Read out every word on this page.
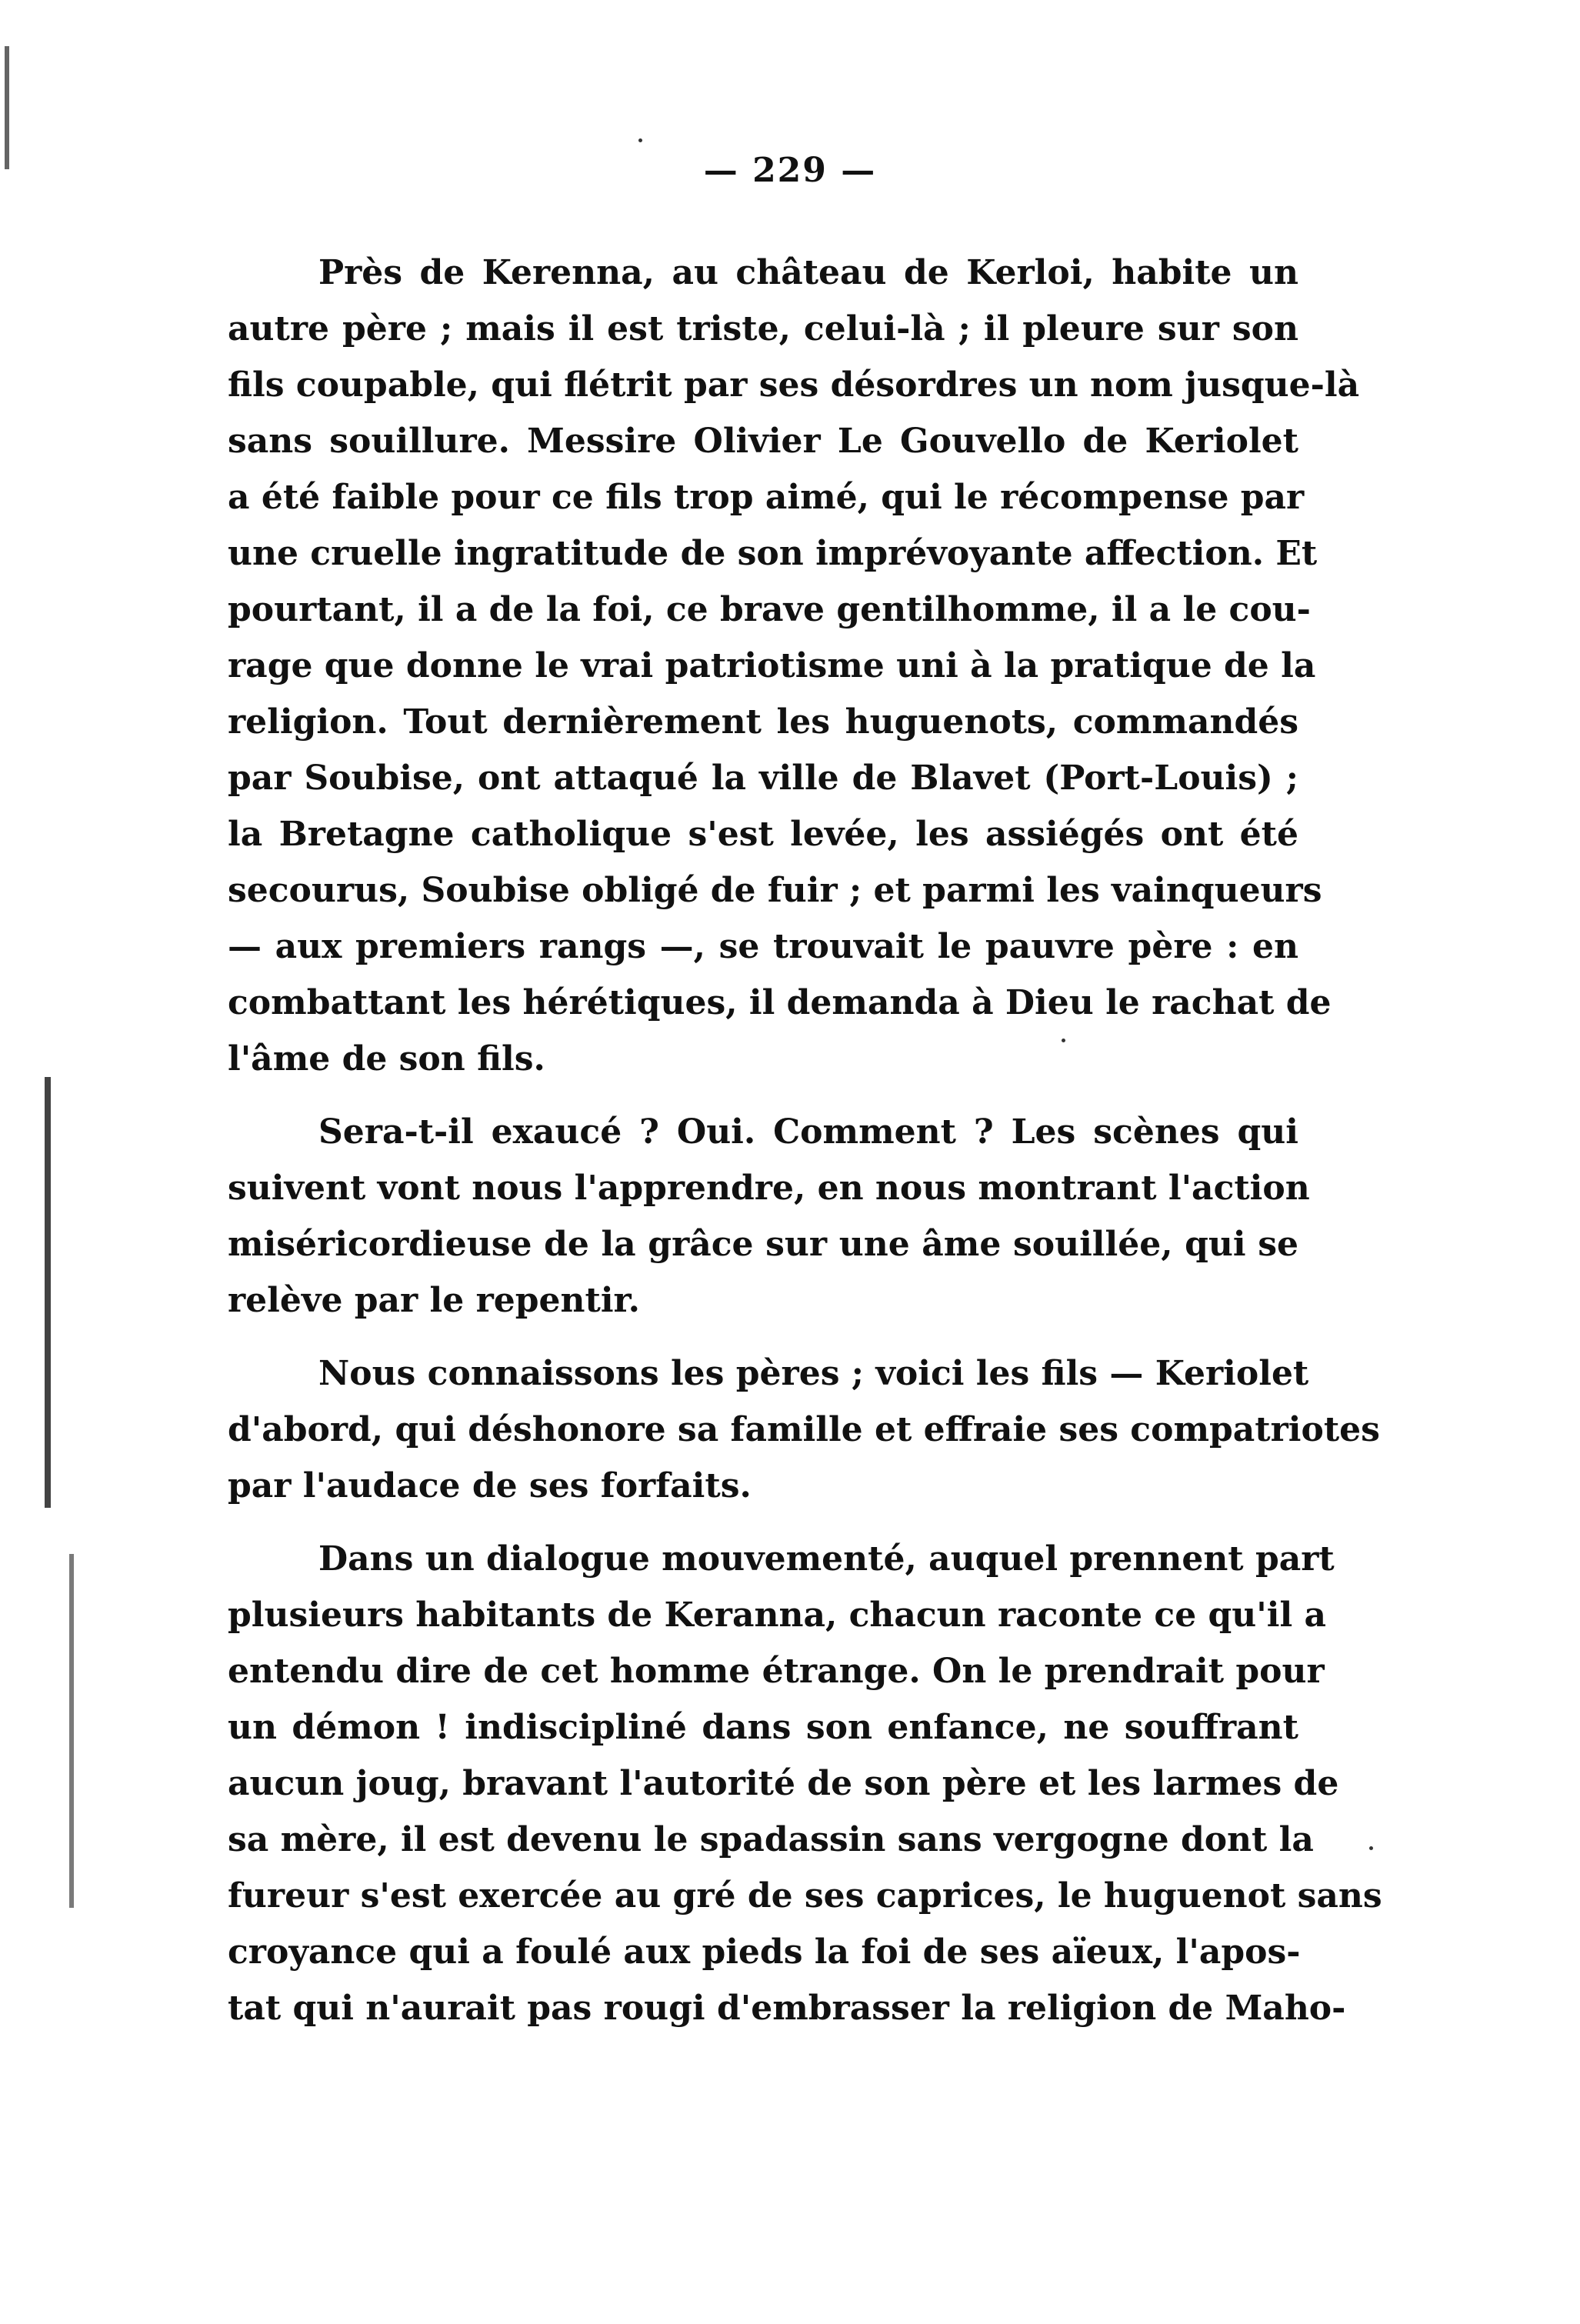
— 229 —
Près de Kerenna, au château de Kerloi, habite un
autre père ; mais il est triste, celui-là ; il pleure sur son
fils coupable, qui flétrit par ses désordres un nom jusque-là
sans souillure. Messire Olivier Le Gouvello de Keriolet
a été faible pour ce fils trop aimé, qui le récompense par
une cruelle ingratitude de son imprévoyante affection. Et
pourtant, il a de la foi, ce brave gentilhomme, il a le cou-
rage que donne le vrai patriotisme uni à la pratique de la
religion. Tout dernièrement les huguenots, commandés
par Soubise, ont attaqué la ville de Blavet (Port-Louis) ;
la Bretagne catholique s'est levée, les assiégés ont été
secourus, Soubise obligé de fuir ; et parmi les vainqueurs
— aux premiers rangs —, se trouvait le pauvre père : en
combattant les hérétiques, il demanda à Dieu le rachat de
l'âme de son fils.
Sera-t-il exaucé ? Oui. Comment ? Les scènes qui
suivent vont nous l'apprendre, en nous montrant l'action
miséricordieuse de la grâce sur une âme souillée, qui se
relève par le repentir.
Nous connaissons les pères ; voici les fils — Keriolet
d'abord, qui déshonore sa famille et effraie ses compatriotes
par l'audace de ses forfaits.
Dans un dialogue mouvementé, auquel prennent part
plusieurs habitants de Keranna, chacun raconte ce qu'il a
entendu dire de cet homme étrange. On le prendrait pour
un démon ! indiscipliné dans son enfance, ne souffrant
aucun joug, bravant l'autorité de son père et les larmes de
sa mère, il est devenu le spadassin sans vergogne dont la
fureur s'est exercée au gré de ses caprices, le huguenot sans
croyance qui a foulé aux pieds la foi de ses aïeux, l'apos-
tat qui n'aurait pas rougi d'embrasser la religion de Maho-
